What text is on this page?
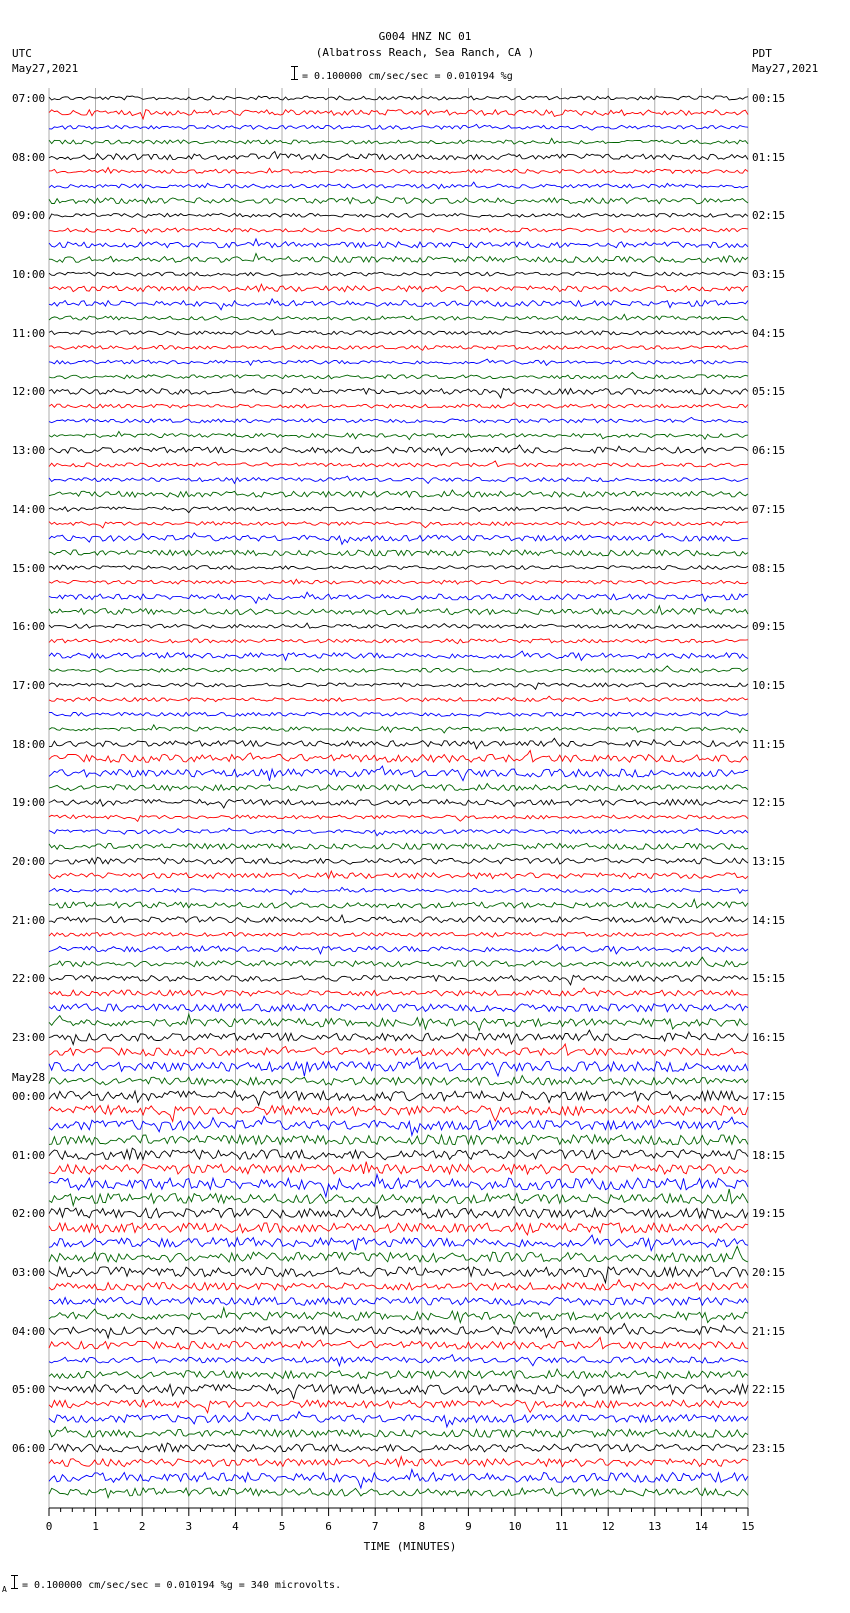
0	1	2	3	4	5	6	7	8	9	10	11	12	13	14	15
G004 HNZ NC 01
(Albatross Reach, Sea Ranch, CA )
= 0.100000 cm/sec/sec = 0.010194 %g
UTC
May27,2021
PDT
May27,2021
07:00
08:00
09:00
10:00
11:00
12:00
13:00
14:00
15:00
16:00
17:00
18:00
19:00
20:00
21:00
22:00
23:00
00:00
01:00
02:00
03:00
04:00
05:00
06:00
00:15
01:15
02:15
03:15
04:15
05:15
06:15
07:15
08:15
09:15
10:15
11:15
12:15
13:15
14:15
15:15
16:15
17:15
18:15
19:15
20:15
21:15
22:15
23:15
May28
TIME (MINUTES)
A = 0.100000 cm/sec/sec = 0.010194 %g = 340 microvolts.
